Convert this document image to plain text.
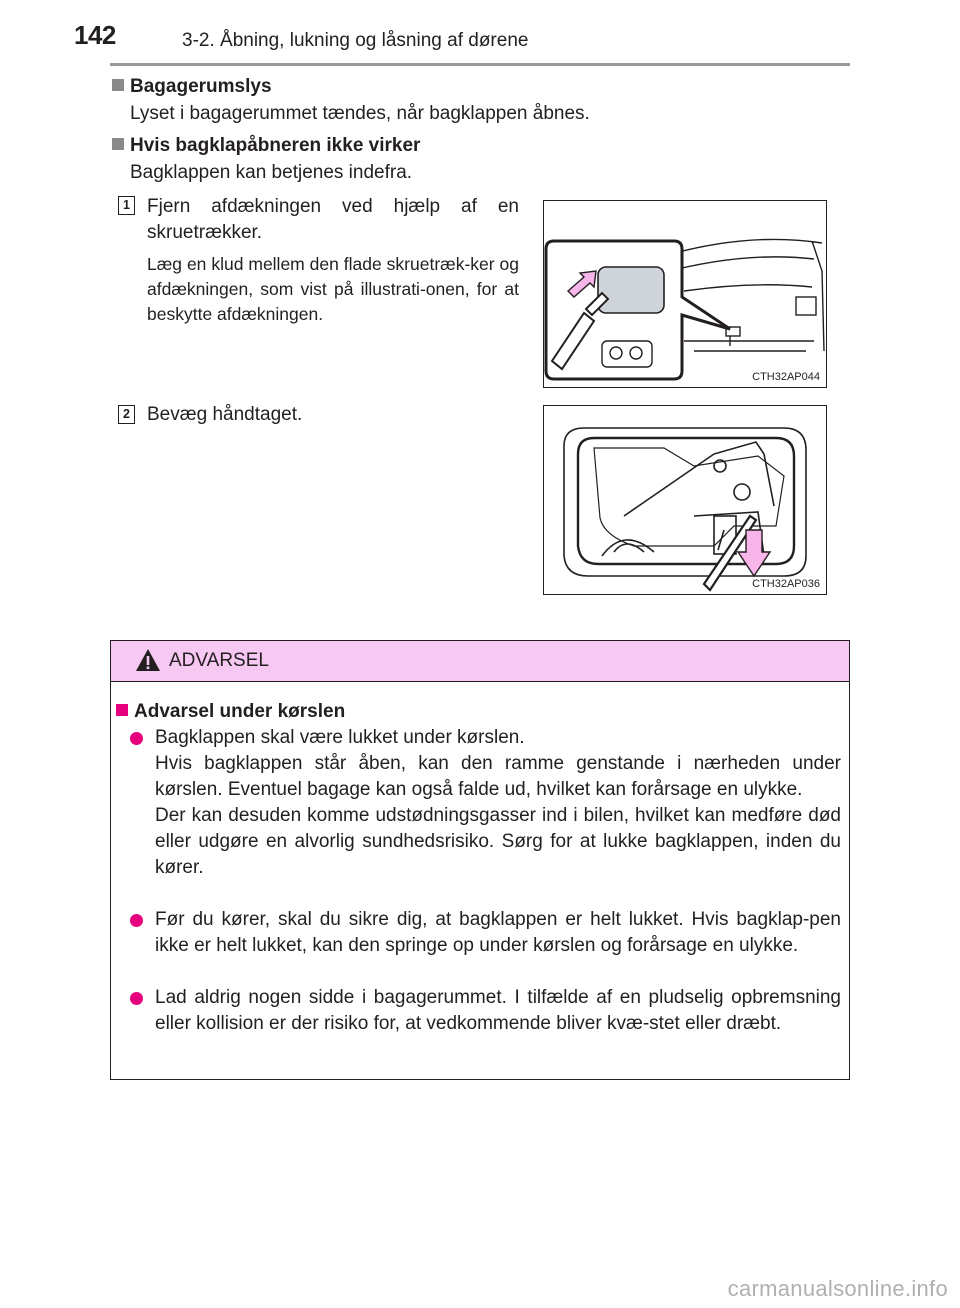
142	3-2. Åbning, lukning og låsning af dørene
Bagagerumslys
Lyset i bagagerummet tændes, når bagklappen åbnes.
Hvis bagklapåbneren ikke virker
Bagklappen kan betjenes indefra.
1 Fjern afdækningen ved hjælp af en skruetrækker.
Læg en klud mellem den flade skruetræk-ker og afdækningen, som vist på illustrati-onen, for at beskytte afdækningen.
CTH32AP044
2 Bevæg håndtaget.
CTH32AP036
ADVARSEL
Advarsel under kørslen
Bagklappen skal være lukket under kørslen.
Hvis bagklappen står åben, kan den ramme genstande i nærheden under kørslen. Eventuel bagage kan også falde ud, hvilket kan forårsage en ulykke.
Der kan desuden komme udstødningsgasser ind i bilen, hvilket kan medføre død eller udgøre en alvorlig sundhedsrisiko. Sørg for at lukke bagklappen, inden du kører.
Før du kører, skal du sikre dig, at bagklappen er helt lukket. Hvis bagklap-pen ikke er helt lukket, kan den springe op under kørslen og forårsage en ulykke.
Lad aldrig nogen sidde i bagagerummet. I tilfælde af en pludselig opbremsning eller kollision er der risiko for, at vedkommende bliver kvæ-stet eller dræbt.
carmanualsonline.info
